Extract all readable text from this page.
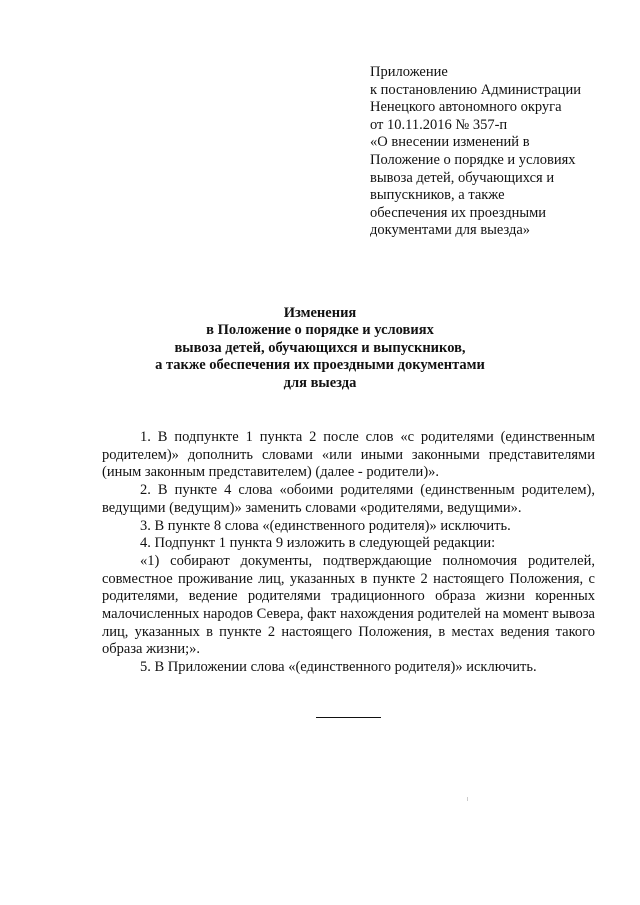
Приложение
к постановлению Администрации
Ненецкого автономного округа
от 10.11.2016 № 357-п
«О внесении изменений в
Положение о порядке и условиях
вывоза детей, обучающихся и
выпускников, а также
обеспечения их проездными
документами для выезда»
Изменения
в Положение о порядке и условиях
вывоза детей, обучающихся и выпускников,
а также обеспечения их проездными документами
для выезда

1. В подпункте 1 пункта 2 после слов «с родителями (единственным родителем)» дополнить словами «или иными законными представителями (иным законным представителем) (далее - родители)».

2. В пункте 4 слова «обоими родителями (единственным родителем), ведущими (ведущим)» заменить словами «родителями, ведущими».

3. В пункте 8 слова «(единственного родителя)» исключить.

4. Подпункт 1 пункта 9 изложить в следующей редакции:

«1) собирают документы, подтверждающие полномочия родителей, совместное проживание лиц, указанных в пункте 2 настоящего Положения, с родителями, ведение родителями традиционного образа жизни коренных малочисленных народов Севера, факт нахождения родителей на момент вывоза лиц, указанных в пункте 2 настоящего Положения, в местах ведения такого образа жизни;».

5. В Приложении слова «(единственного родителя)» исключить.
